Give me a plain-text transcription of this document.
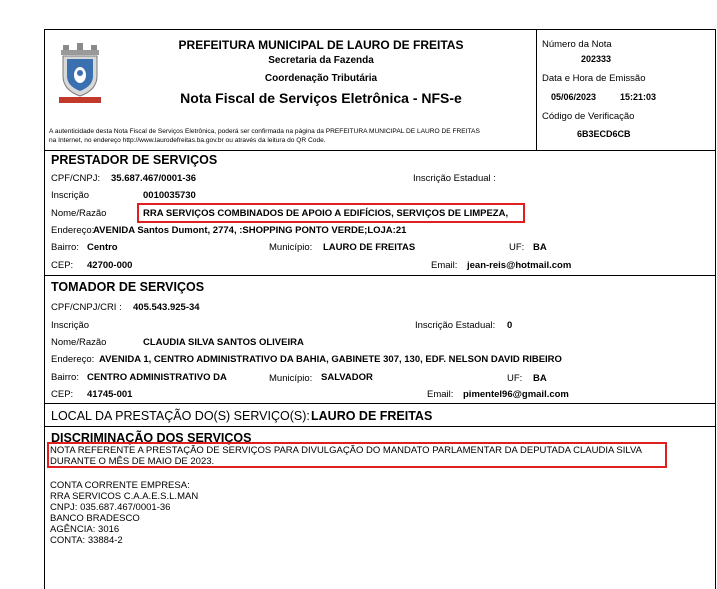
PREFEITURA MUNICIPAL DE LAURO DE FREITAS
Secretaria da Fazenda
Coordenação Tributária
Nota Fiscal de Serviços Eletrônica - NFS-e
A autenticidade desta Nota Fiscal de Serviços Eletrônica, poderá ser confirmada na página da PREFEITURA MUNICIPAL DE LAURO DE FREITAS
na Internet, no endereço http://www.laurodefreitas.ba.gov.br ou através da leitura do QR Code.
Número da Nota
202333
Data e Hora de Emissão
05/06/2023	15:21:03
Código de Verificação
6B3ECD6CB
PRESTADOR DE SERVIÇOS
CPF/CNPJ: 35.687.467/0001-36	Inscrição Estadual :
Inscrição	0010035730
Nome/Razão	RRA SERVIÇOS COMBINADOS DE APOIO A EDIFÍCIOS, SERVIÇOS DE LIMPEZA,
Endereço:
AVENIDA Santos Dumont, 2774, :SHOPPING PONTO VERDE;LOJA:21
Bairro: Centro	Município: LAURO DE FREITAS	UF: BA
CEP: 42700-000	Email: jean-reis@hotmail.com
TOMADOR DE SERVIÇOS
CPF/CNPJ/CRI : 405.543.925-34
Inscrição	Inscrição Estadual: 0
Nome/Razão	CLAUDIA SILVA SANTOS OLIVEIRA
Endereço: AVENIDA 1, CENTRO ADMINISTRATIVO DA BAHIA, GABINETE 307, 130, EDF. NELSON DAVID RIBEIRO
Bairro: CENTRO ADMINISTRATIVO DA	Município: SALVADOR	UF: BA
CEP: 41745-001	Email: pimentel96@gmail.com
LOCAL DA PRESTAÇÃO DO(S) SERVIÇO(S): LAURO DE FREITAS
DISCRIMINAÇÃO DOS SERVIÇOS
NOTA REFERENTE A PRESTAÇÃO DE SERVIÇOS PARA DIVULGAÇÃO DO MANDATO PARLAMENTAR DA DEPUTADA CLAUDIA SILVA
DURANTE O MÊS DE MAIO DE 2023.
CONTA CORRENTE EMPRESA:
RRA SERVICOS C.A.A.E.S.L.MAN
CNPJ: 035.687.467/0001-36
BANCO BRADESCO
AGÊNCIA: 3016
CONTA: 33884-2
